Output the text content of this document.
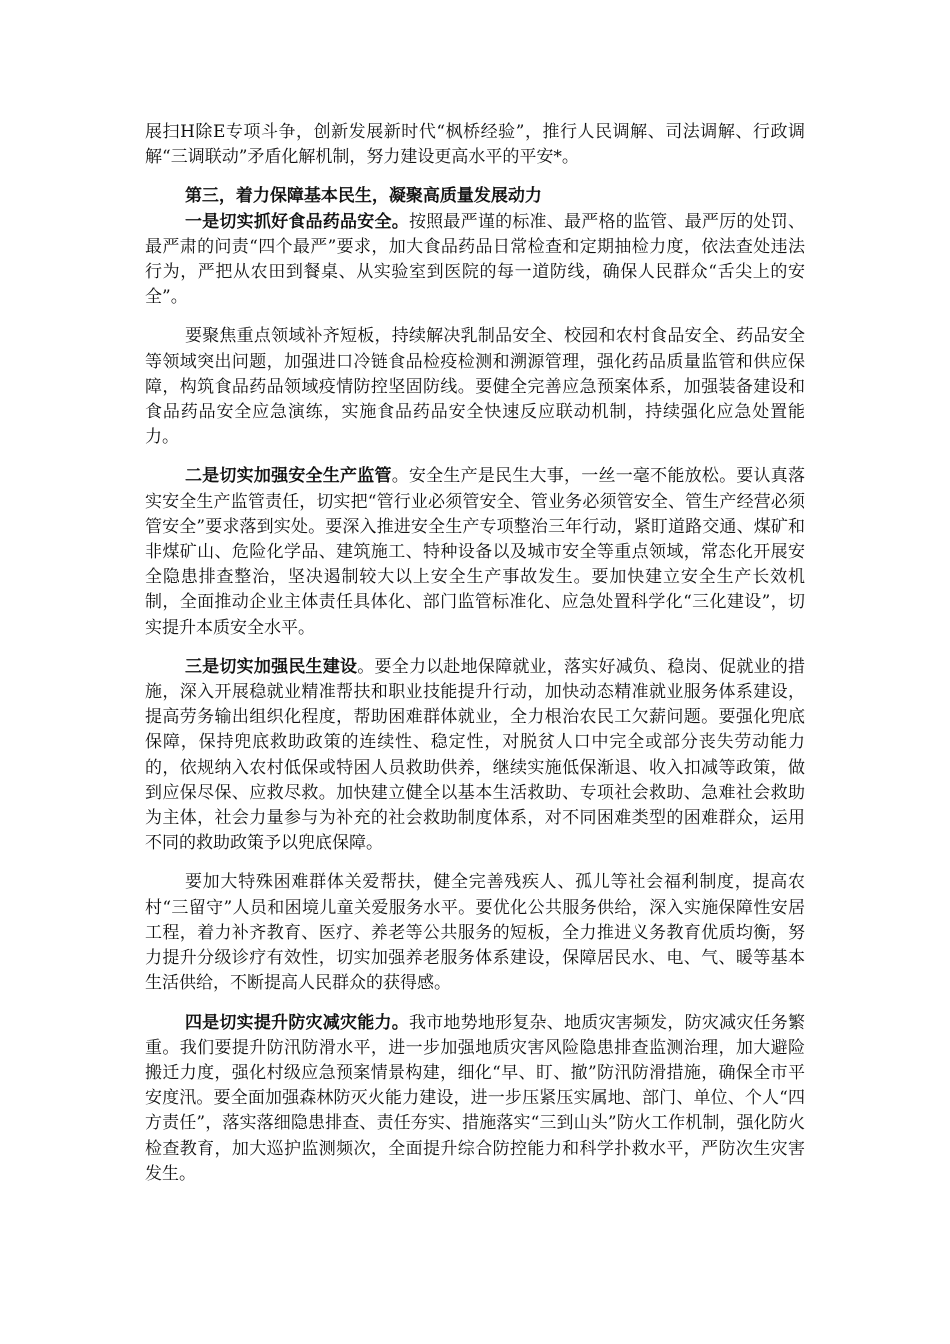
展扫H除E专项斗争，创新发展新时代“枫桥经验”，推行人民调解、司法调解、行政调解“三调联动”矛盾化解机制，努力建设更高水平的平安*。

第三，着力保障基本民生，凝聚高质量发展动力

一是切实抓好食品药品安全。按照最严谨的标准、最严格的监管、最严厉的处罚、最严肃的问责“四个最严”要求，加大食品药品日常检查和定期抽检力度，依法查处违法行为，严把从农田到餐桌、从实验室到医院的每一道防线，确保人民群众“舌尖上的安全”。

要聚焦重点领域补齐短板，持续解决乳制品安全、校园和农村食品安全、药品安全等领域突出问题，加强进口冷链食品检疫检测和溯源管理，强化药品质量监管和供应保障，构筑食品药品领域疫情防控坚固防线。要健全完善应急预案体系，加强装备建设和食品药品安全应急演练，实施食品药品安全快速反应联动机制，持续强化应急处置能力。

二是切实加强安全生产监管。安全生产是民生大事，一丝一毫不能放松。要认真落实安全生产监管责任，切实把“管行业必须管安全、管业务必须管安全、管生产经营必须管安全”要求落到实处。要深入推进安全生产专项整治三年行动，紧盯道路交通、煤矿和非煤矿山、危险化学品、建筑施工、特种设备以及城市安全等重点领域，常态化开展安全隐患排查整治，坚决遏制较大以上安全生产事故发生。要加快建立安全生产长效机制，全面推动企业主体责任具体化、部门监管标准化、应急处置科学化“三化建设”，切实提升本质安全水平。

三是切实加强民生建设。要全力以赴地保障就业，落实好减负、稳岗、促就业的措施，深入开展稳就业精准帮扶和职业技能提升行动，加快动态精准就业服务体系建设，提高劳务输出组织化程度，帮助困难群体就业，全力根治农民工欠薪问题。要强化兜底保障，保持兜底救助政策的连续性、稳定性，对脱贫人口中完全或部分丧失劳动能力的，依规纳入农村低保或特困人员救助供养，继续实施低保渐退、收入扣减等政策，做到应保尽保、应救尽救。加快建立健全以基本生活救助、专项社会救助、急难社会救助为主体，社会力量参与为补充的社会救助制度体系，对不同困难类型的困难群众，运用不同的救助政策予以兜底保障。

要加大特殊困难群体关爱帮扶，健全完善残疾人、孤儿等社会福利制度，提高农村“三留守”人员和困境儿童关爱服务水平。要优化公共服务供给，深入实施保障性安居工程，着力补齐教育、医疗、养老等公共服务的短板，全力推进义务教育优质均衡，努力提升分级诊疗有效性，切实加强养老服务体系建设，保障居民水、电、气、暖等基本生活供给，不断提高人民群众的获得感。

四是切实提升防灾减灾能力。我市地势地形复杂、地质灾害频发，防灾减灾任务繁重。我们要提升防汛防滑水平，进一步加强地质灾害风险隐患排查监测治理，加大避险搬迁力度，强化村级应急预案情景构建，细化“早、盯、撤”防汛防滑措施，确保全市平安度汛。要全面加强森林防灭火能力建设，进一步压紧压实属地、部门、单位、个人“四方责任”，落实落细隐患排查、责任夯实、措施落实“三到山头”防火工作机制，强化防火检查教育，加大巡护监测频次，全面提升综合防控能力和科学扑救水平，严防次生灾害发生。
